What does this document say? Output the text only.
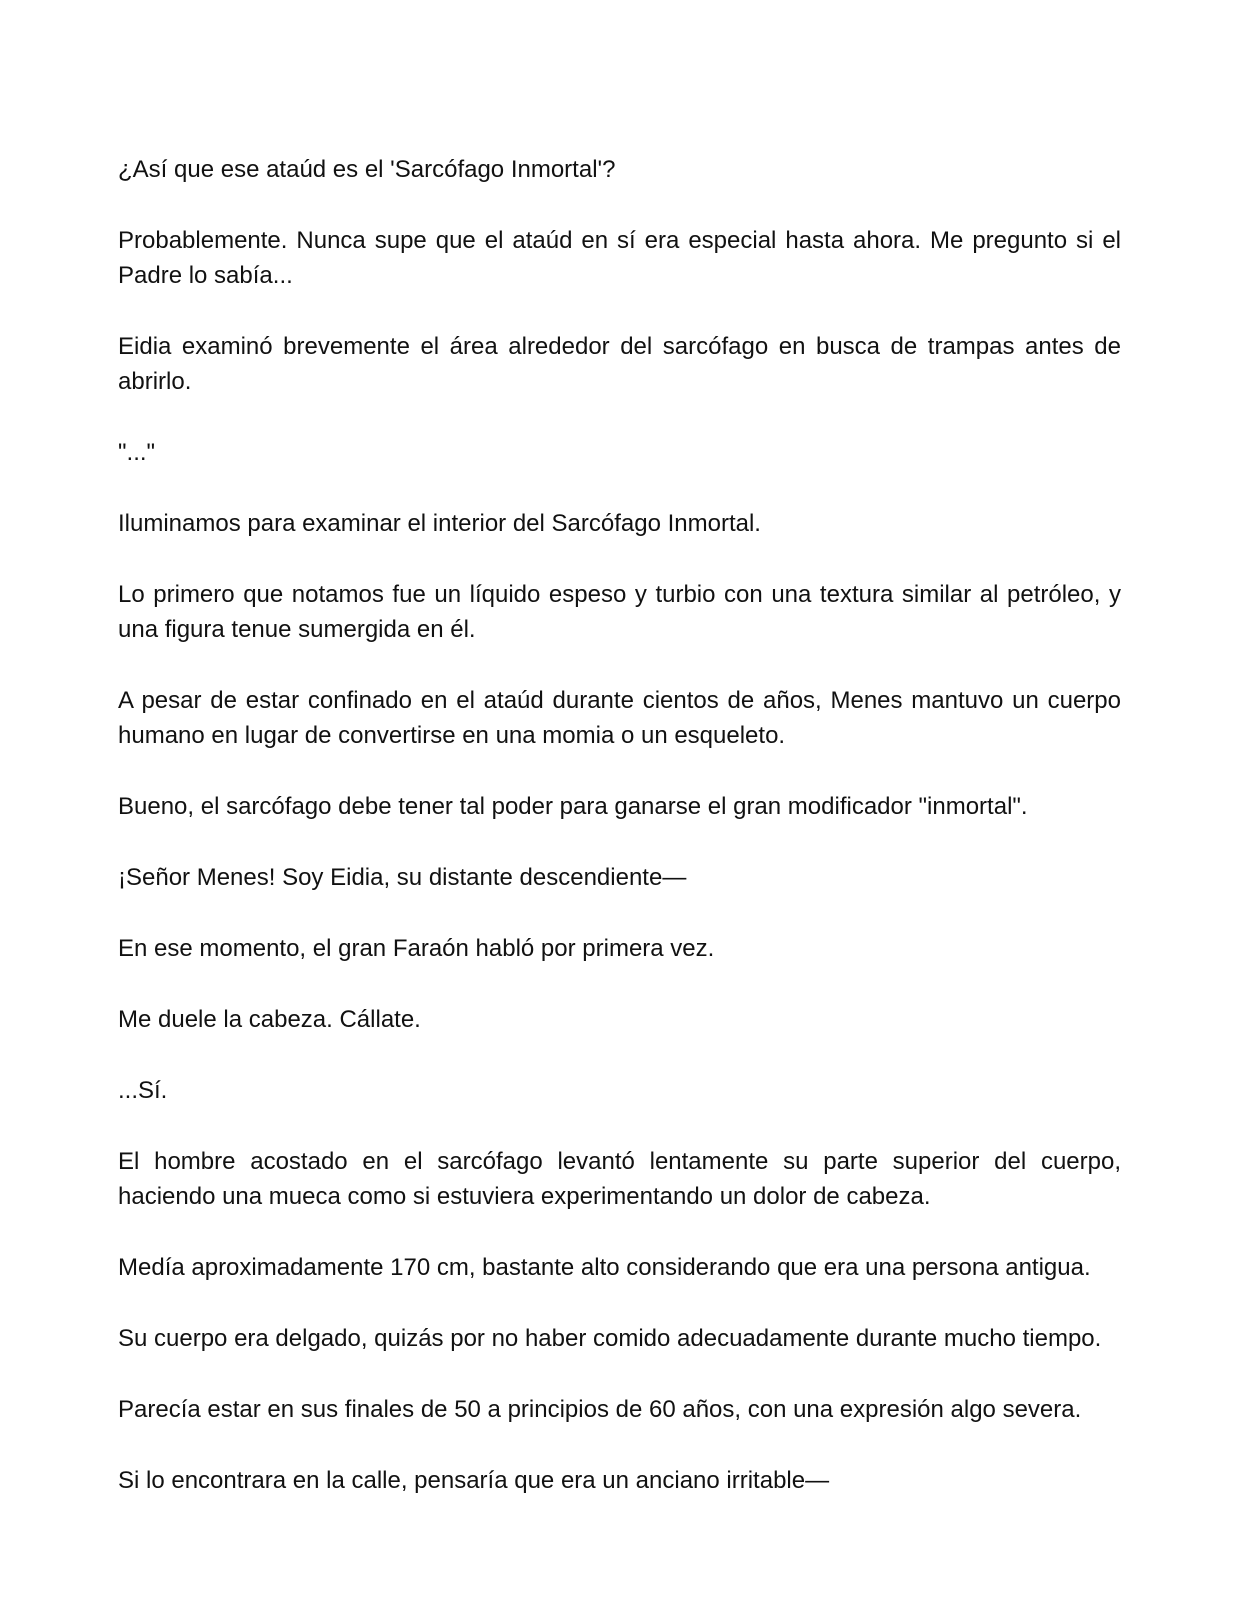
¿Así que ese ataúd es el 'Sarcófago Inmortal'?

Probablemente. Nunca supe que el ataúd en sí era especial hasta ahora. Me pregunto si el Padre lo sabía...

Eidia examinó brevemente el área alrededor del sarcófago en busca de trampas antes de abrirlo.

"..."

Iluminamos para examinar el interior del Sarcófago Inmortal.

Lo primero que notamos fue un líquido espeso y turbio con una textura similar al petróleo, y una figura tenue sumergida en él.

A pesar de estar confinado en el ataúd durante cientos de años, Menes mantuvo un cuerpo humano en lugar de convertirse en una momia o un esqueleto.

Bueno, el sarcófago debe tener tal poder para ganarse el gran modificador "inmortal".

¡Señor Menes! Soy Eidia, su distante descendiente—

En ese momento, el gran Faraón habló por primera vez.

Me duele la cabeza. Cállate.

...Sí.

El hombre acostado en el sarcófago levantó lentamente su parte superior del cuerpo, haciendo una mueca como si estuviera experimentando un dolor de cabeza.

Medía aproximadamente 170 cm, bastante alto considerando que era una persona antigua.

Su cuerpo era delgado, quizás por no haber comido adecuadamente durante mucho tiempo.

Parecía estar en sus finales de 50 a principios de 60 años, con una expresión algo severa.

Si lo encontrara en la calle, pensaría que era un anciano irritable—
